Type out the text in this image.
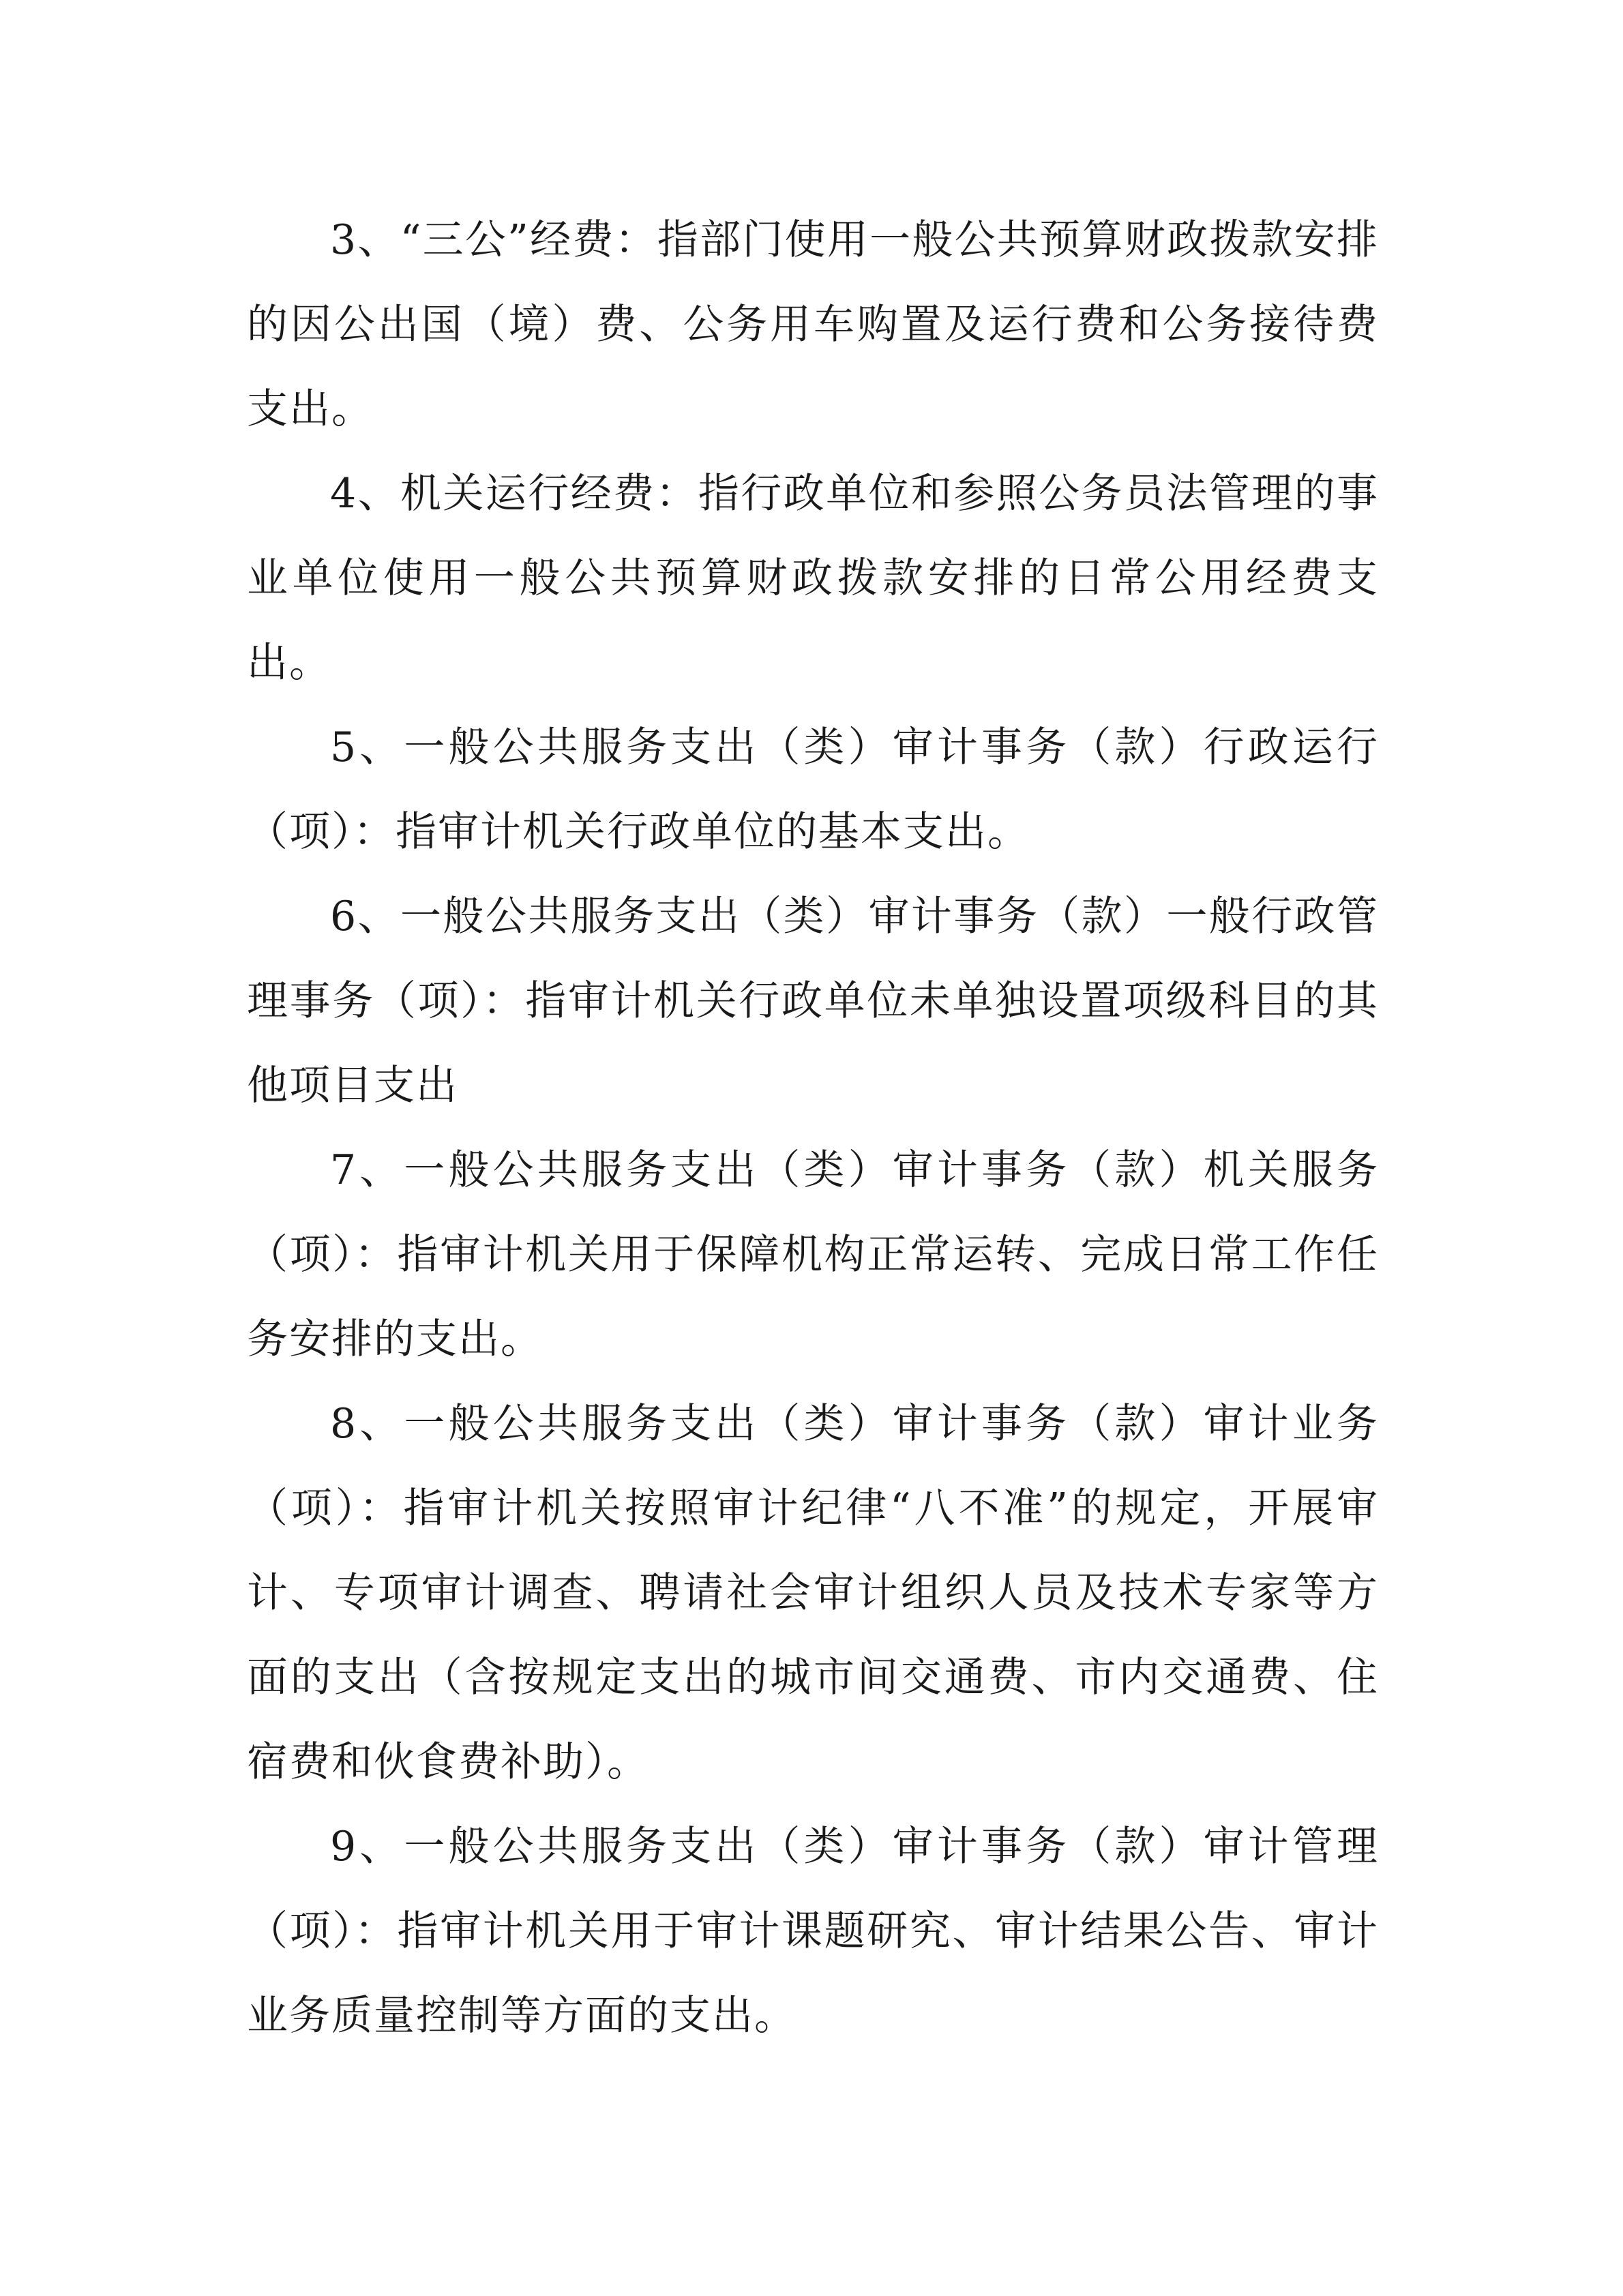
3、“三公”经费：指部门使用一般公共预算财政拨款安排的因公出国（境）费、公务用车购置及运行费和公务接待费支出。

4、机关运行经费：指行政单位和参照公务员法管理的事业单位使用一般公共预算财政拨款安排的日常公用经费支出。

5、一般公共服务支出（类）审计事务（款）行政运行（项）：指审计机关行政单位的基本支出。

6、一般公共服务支出（类）审计事务（款）一般行政管理事务（项）：指审计机关行政单位未单独设置项级科目的其他项目支出

7、一般公共服务支出（类）审计事务（款）机关服务（项）：指审计机关用于保障机构正常运转、完成日常工作任务安排的支出。

8、一般公共服务支出（类）审计事务（款）审计业务（项）：指审计机关按照审计纪律“八不准”的规定，开展审计、专项审计调查、聘请社会审计组织人员及技术专家等方面的支出（含按规定支出的城市间交通费、市内交通费、住宿费和伙食费补助）。

9、一般公共服务支出（类）审计事务（款）审计管理（项）：指审计机关用于审计课题研究、审计结果公告、审计业务质量控制等方面的支出。
